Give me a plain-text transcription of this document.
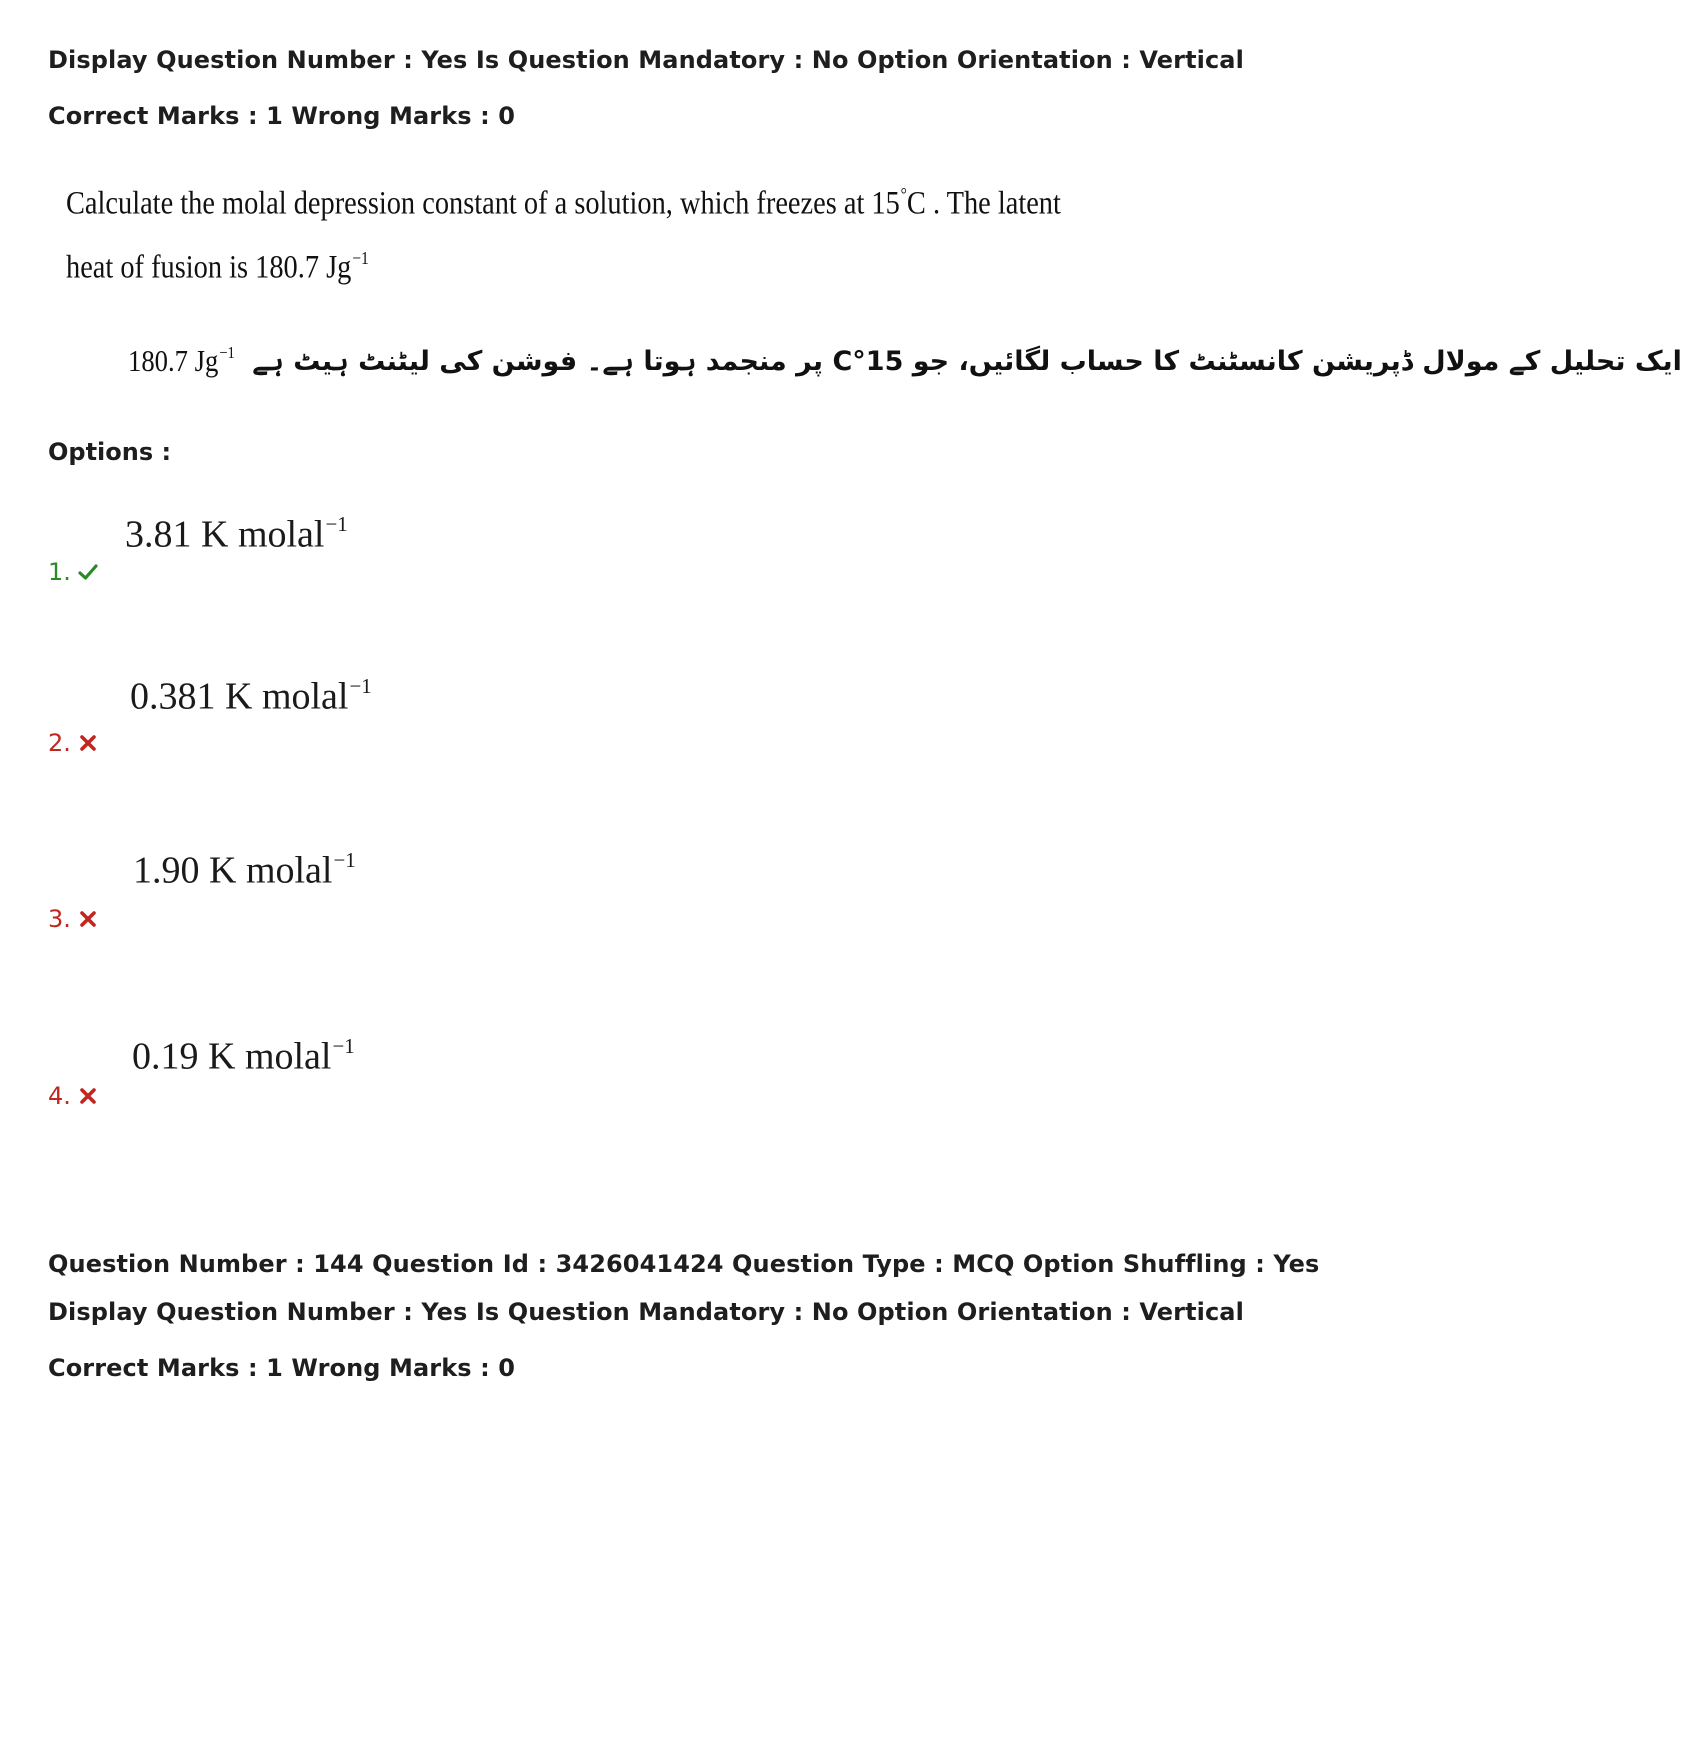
Display Question Number : Yes Is Question Mandatory : No Option Orientation : Vertical
Correct Marks : 1 Wrong Marks : 0
Calculate the molal depression constant of a solution, which freezes at 15°C . The latent
heat of fusion is 180.7 $Jg^{-1}$
180.7 $Jg^{-1}$ ایک تحلیل کے مولال ڈپریشن کانسٹنٹ کا حساب لگائیں، جو 15°C پر منجمد ہوتا ہے۔ فوشن کی لیٹنٹ ہیٹ ہے
Options :
3.81 K molal$^{-1}$
1.
0.381 K molal$^{-1}$
2.
1.90 K molal$^{-1}$
3.
0.19 K molal$^{-1}$
4.
Question Number : 144 Question Id : 3426041424 Question Type : MCQ Option Shuffling : Yes
Display Question Number : Yes Is Question Mandatory : No Option Orientation : Vertical
Correct Marks : 1 Wrong Marks : 0
